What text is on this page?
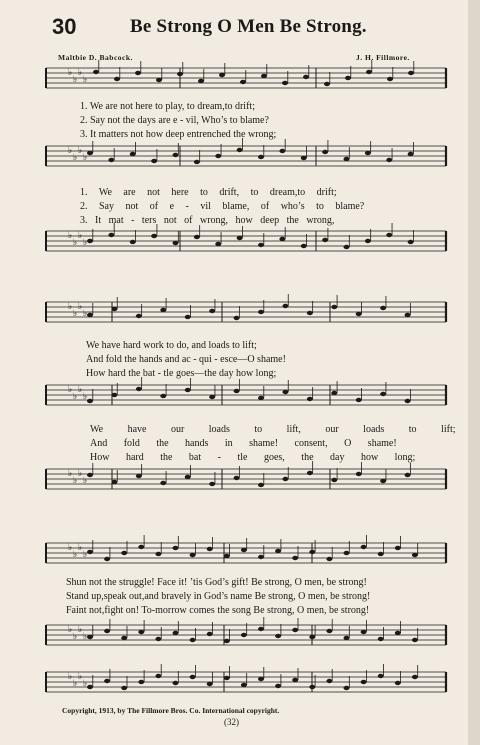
30	Be Strong O Men Be Strong.
Maltbie D. Babcock.	J. H. Fillmore.
♭
♭
♭
♭
♭
♭
♭
♭
♭
♭
♭
♭
♭
♭
♭
♭
♭
♭
♭
♭
♭
♭
♭
♭
♭
♭
♭
♭
♭
♭
♭
♭
♭
♭
♭
♭
1. We are not here to play, to dream,to drift;
2. Say not the days are e - vil, Who’s to blame?
3. It matters not how deep entrenched the wrong;
1. We are not here to drift, to dream,to drift;
2. Say not of e - vil blame, of who’s to blame?
3. It mat - ters not of wrong, how deep the wrong,
We have hard work to do, and loads to lift;
And fold the hands and ac - qui - esce—O shame!
How hard the bat - tle goes—the day how long;
We have our loads to lift, our loads to lift;
And fold the hands in shame! consent, O shame!
How hard the bat - tle goes, the day how long;
Shun not the struggle! Face it! ’tis God’s gift! Be strong, O men, be strong!
Stand up,speak out,and bravely in God’s name Be strong, O men, be strong!
Faint not,fight on! To-morrow comes the song Be strong, O men, be strong!
Copyright, 1913, by The Fillmore Bros. Co. International copyright.
(32)
